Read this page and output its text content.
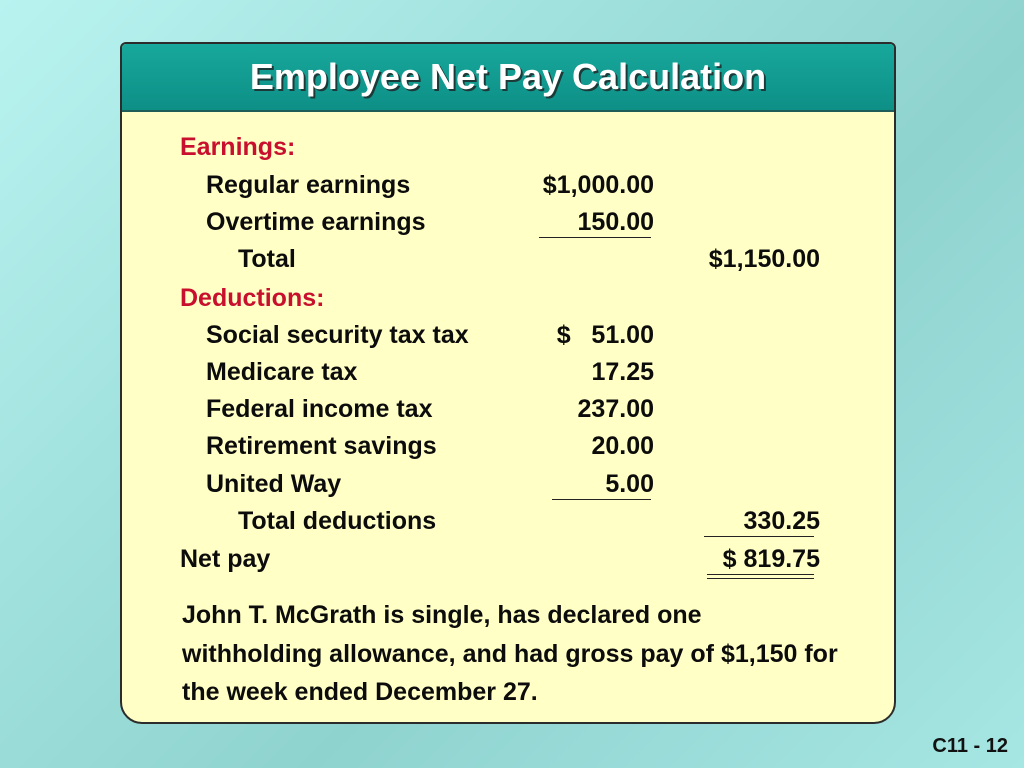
Employee Net Pay Calculation
Earnings:
Regular earnings	$1,000.00
Overtime earnings	150.00
Total	$1,150.00
Deductions:
Social security tax tax	$   51.00
Medicare tax	17.25
Federal income tax	237.00
Retirement savings	20.00
United Way	5.00
Total deductions	330.25
Net pay	$ 819.75
John T. McGrath is single, has declared one withholding allowance, and had gross pay of $1,150 for the week ended December 27.
C11 - 12
